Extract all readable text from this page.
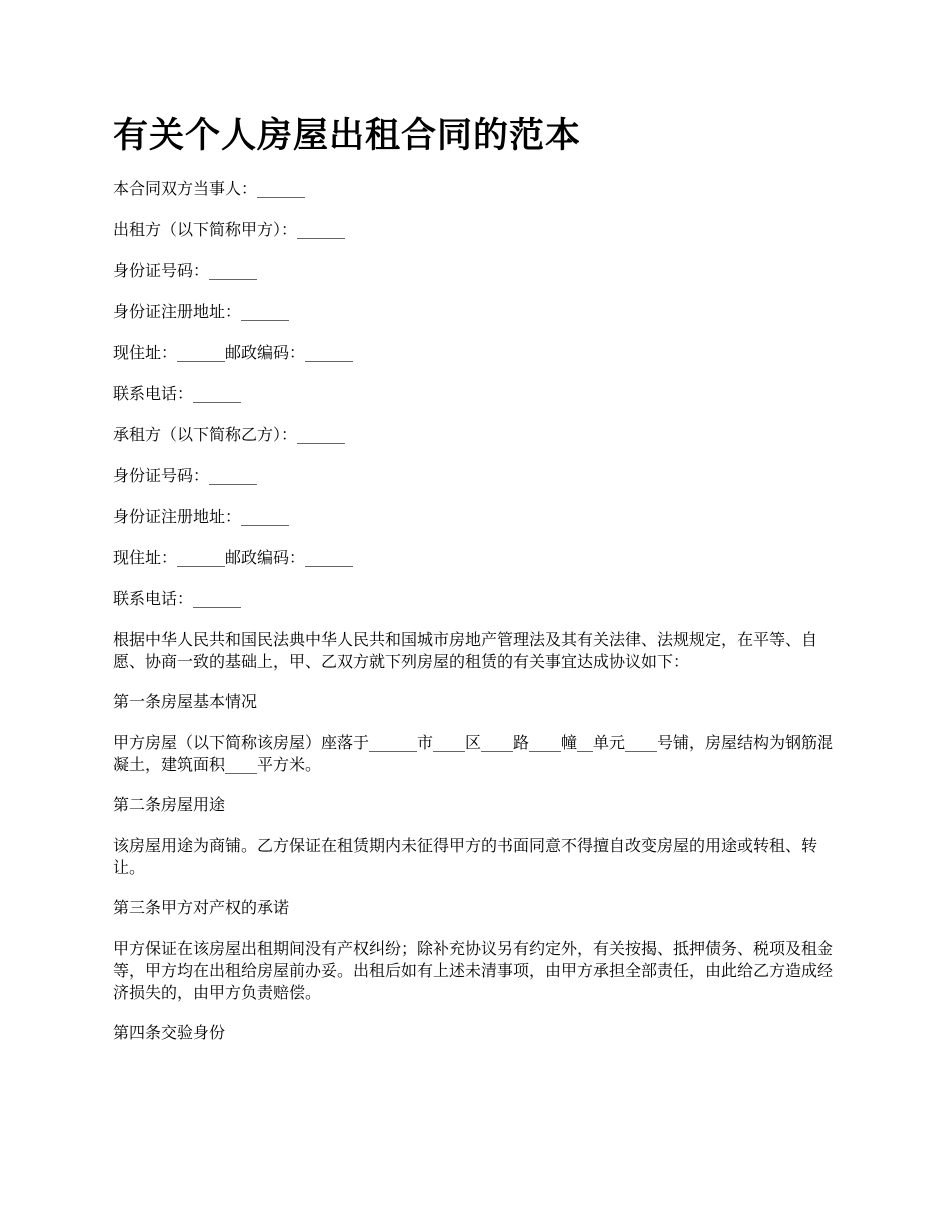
有关个人房屋出租合同的范本

本合同双方当事人：______

出租方（以下简称甲方）：______

身份证号码：______

身份证注册地址：______

现住址：______邮政编码：______

联系电话：______

承租方（以下简称乙方）：______

身份证号码：______

身份证注册地址：______

现住址：______邮政编码：______

联系电话：______

根据中华人民共和国民法典中华人民共和国城市房地产管理法及其有关法律、法规规定，在平等、自愿、协商一致的基础上，甲、乙双方就下列房屋的租赁的有关事宜达成协议如下：

第一条房屋基本情况

甲方房屋（以下简称该房屋）座落于______市____区____路____幢__单元____号铺，房屋结构为钢筋混凝土，建筑面积____平方米。

第二条房屋用途

该房屋用途为商铺。乙方保证在租赁期内未征得甲方的书面同意不得擅自改变房屋的用途或转租、转让。

第三条甲方对产权的承诺

甲方保证在该房屋出租期间没有产权纠纷；除补充协议另有约定外，有关按揭、抵押债务、税项及租金等，甲方均在出租给房屋前办妥。出租后如有上述未清事项，由甲方承担全部责任，由此给乙方造成经济损失的，由甲方负责赔偿。

第四条交验身份
